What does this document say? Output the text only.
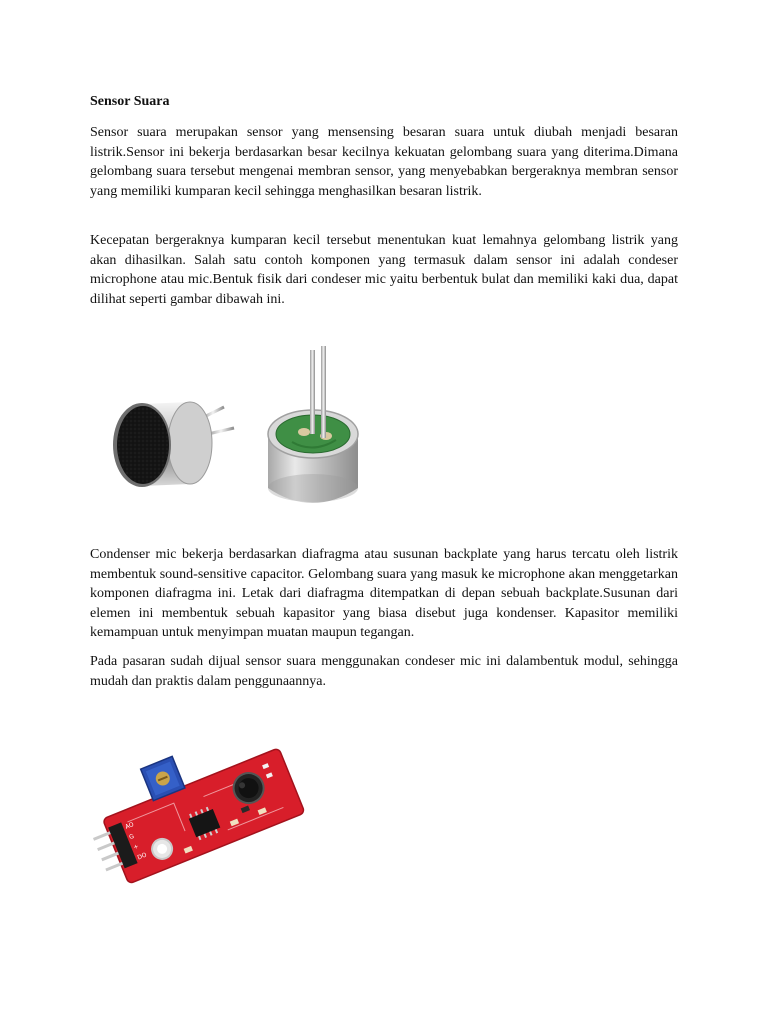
Sensor Suara

Sensor suara merupakan sensor yang mensensing besaran suara untuk diubah menjadi besaran listrik.Sensor ini bekerja berdasarkan besar kecilnya kekuatan gelombang suara yang diterima.Dimana gelombang suara tersebut mengenai membran sensor, yang menyebabkan bergeraknya membran sensor yang memiliki kumparan kecil sehingga menghasilkan besaran listrik.

Kecepatan bergeraknya kumparan kecil tersebut menentukan kuat lemahnya gelombang listrik yang akan dihasilkan. Salah satu contoh komponen yang termasuk dalam sensor ini adalah condeser microphone atau mic.Bentuk fisik dari condeser mic yaitu berbentuk bulat dan memiliki kaki dua, dapat dilihat seperti gambar dibawah ini.

Condenser mic bekerja berdasarkan diafragma atau susunan backplate yang harus tercatu oleh listrik membentuk sound-sensitive capacitor. Gelombang suara yang masuk ke microphone akan menggetarkan komponen diafragma ini. Letak dari diafragma ditempatkan di depan sebuah backplate.Susunan dari elemen ini membentuk sebuah kapasitor yang biasa disebut juga kondenser. Kapasitor memiliki kemampuan untuk menyimpan muatan maupun tegangan.

Pada pasaran sudah dijual sensor suara menggunakan condeser mic ini dalambentuk modul, sehingga mudah dan praktis dalam penggunaannya.

AO
G
+
DO
